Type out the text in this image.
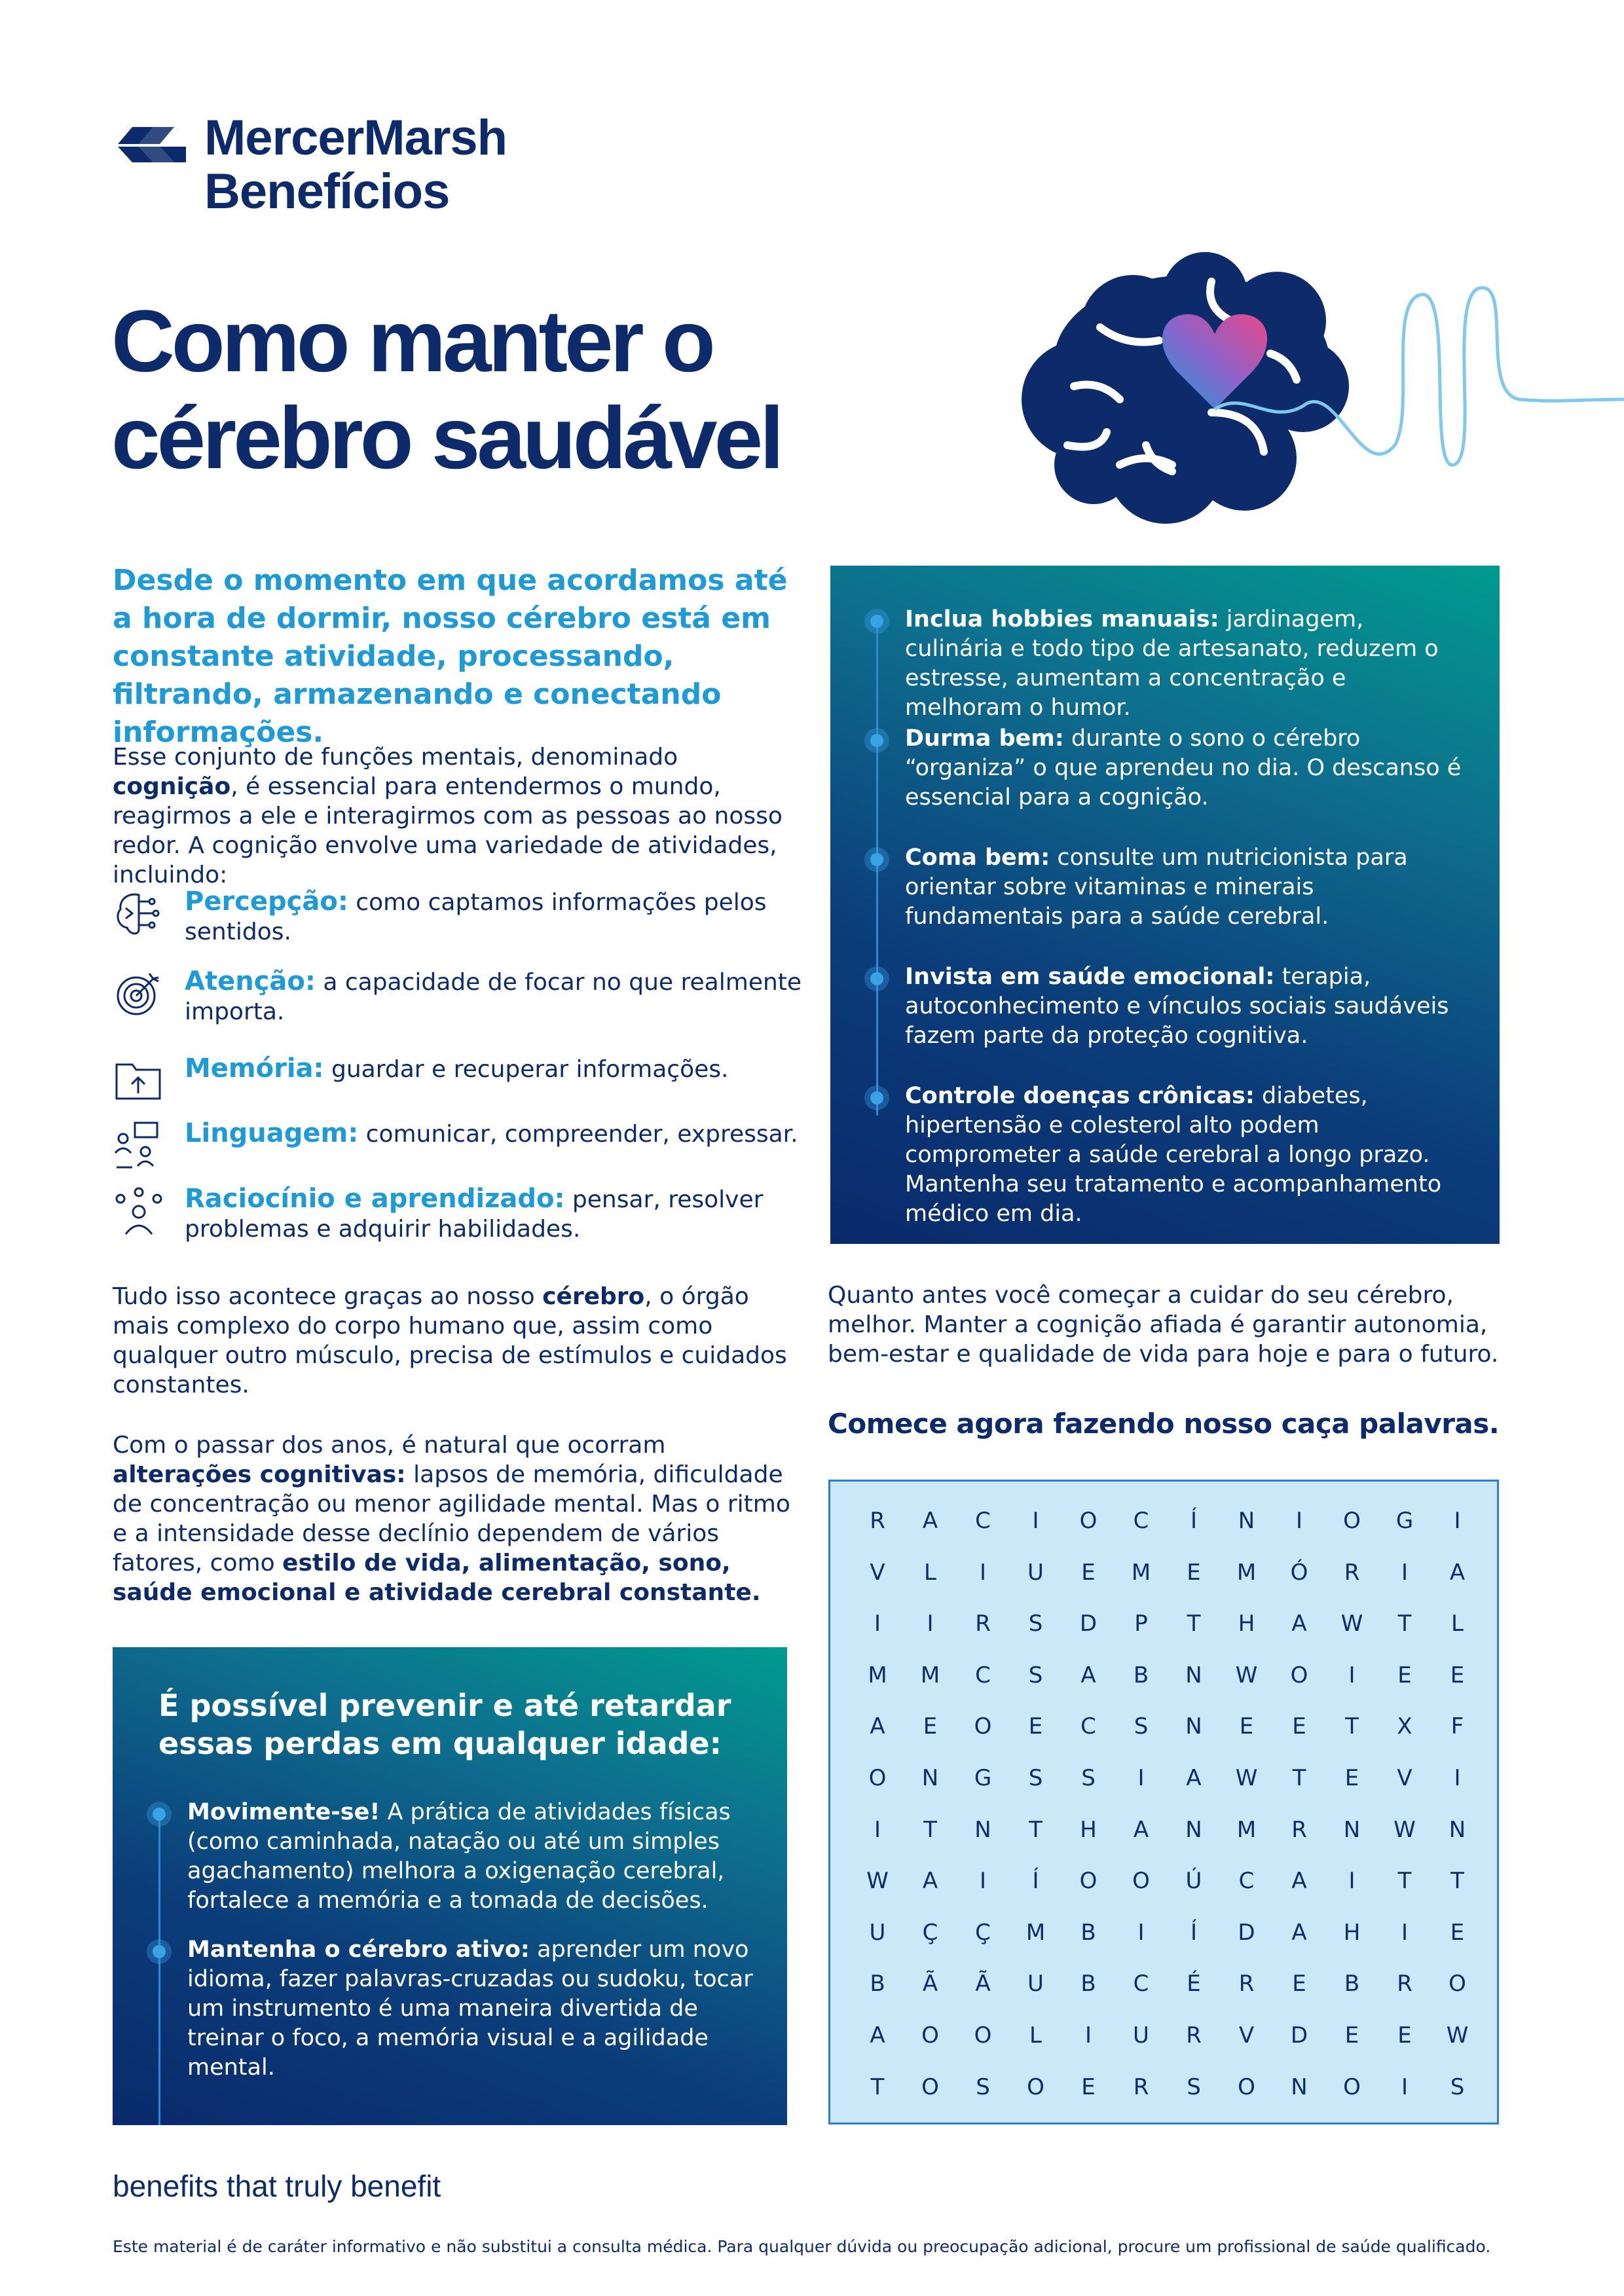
MercerMarsh
Benefícios
Como manter o
cérebro saudável
Desde o momento em que acordamos até a hora de dormir, nosso cérebro está em constante atividade, processando, filtrando, armazenando e conectando informações.
Esse conjunto de funções mentais, denominado cognição, é essencial para entendermos o mundo, reagirmos a ele e interagirmos com as pessoas ao nosso redor. A cognição envolve uma variedade de atividades, incluindo:
Percepção: como captamos informações pelos sentidos.
Atenção: a capacidade de focar no que realmente importa.
Memória: guardar e recuperar informações.
Linguagem: comunicar, compreender, expressar.
Raciocínio e aprendizado: pensar, resolver problemas e adquirir habilidades.
Tudo isso acontece graças ao nosso cérebro, o órgão mais complexo do corpo humano que, assim como qualquer outro músculo, precisa de estímulos e cuidados constantes.
Com o passar dos anos, é natural que ocorram alterações cognitivas: lapsos de memória, dificuldade de concentração ou menor agilidade mental. Mas o ritmo e a intensidade desse declínio dependem de vários fatores, como estilo de vida, alimentação, sono, saúde emocional e atividade cerebral constante.
Inclua hobbies manuais: jardinagem, culinária e todo tipo de artesanato, reduzem o estresse, aumentam a concentração e melhoram o humor.
Durma bem: durante o sono o cérebro “organiza” o que aprendeu no dia. O descanso é essencial para a cognição.
Coma bem: consulte um nutricionista para orientar sobre vitaminas e minerais fundamentais para a saúde cerebral.
Invista em saúde emocional: terapia, autoconhecimento e vínculos sociais saudáveis fazem parte da proteção cognitiva.
Controle doenças crônicas: diabetes, hipertensão e colesterol alto podem comprometer a saúde cerebral a longo prazo. Mantenha seu tratamento e acompanhamento médico em dia.
É possível prevenir e até retardar essas perdas em qualquer idade:
Movimente-se! A prática de atividades físicas (como caminhada, natação ou até um simples agachamento) melhora a oxigenação cerebral, fortalece a memória e a tomada de decisões.
Mantenha o cérebro ativo: aprender um novo idioma, fazer palavras-cruzadas ou sudoku, tocar um instrumento é uma maneira divertida de treinar o foco, a memória visual e a agilidade mental.
Quanto antes você começar a cuidar do seu cérebro, melhor. Manter a cognição afiada é garantir autonomia, bem-estar e qualidade de vida para hoje e para o futuro.
Comece agora fazendo nosso caça palavras.
R	A	C	I	O	C	Í	N	I	O	G	I
V	L	I	U	E	M	E	M	Ó	R	I	A
I	I	R	S	D	P	T	H	A	W	T	L
M	M	C	S	A	B	N	W	O	I	E	E
A	E	O	E	C	S	N	E	E	T	X	F
O	N	G	S	S	I	A	W	T	E	V	I
I	T	N	T	H	A	N	M	R	N	W	N
W	A	I	Í	O	O	Ú	C	A	I	T	T
U	Ç	Ç	M	B	I	Í	D	A	H	I	E
B	Ã	Ã	U	B	C	É	R	E	B	R	O
A	O	O	L	I	U	R	V	D	E	E	W
T	O	S	O	E	R	S	O	N	O	I	S
benefits that truly benefit
Este material é de caráter informativo e não substitui a consulta médica. Para qualquer dúvida ou preocupação adicional, procure um profissional de saúde qualificado.
